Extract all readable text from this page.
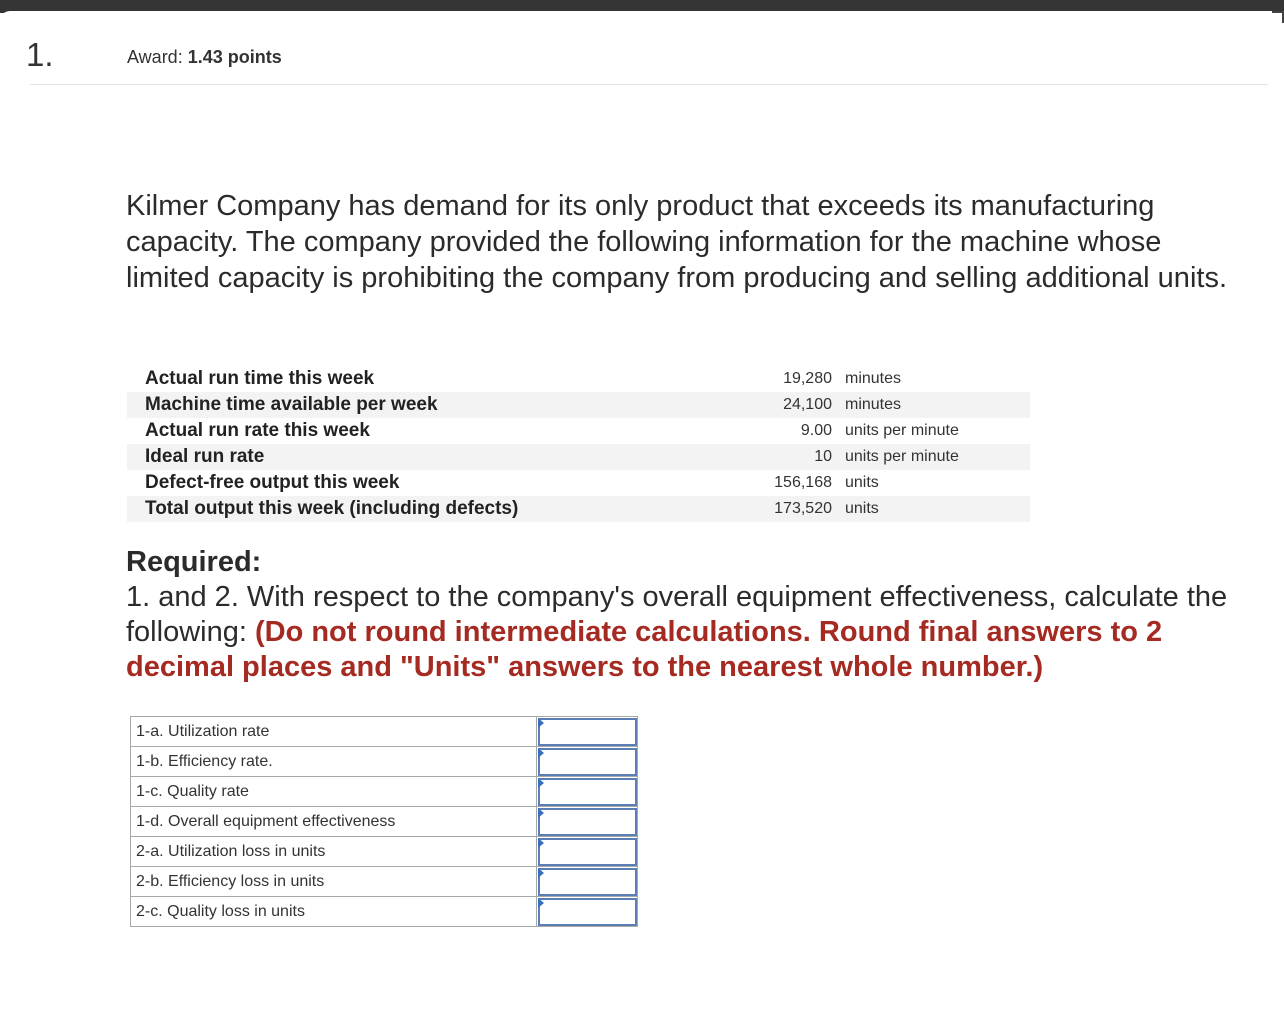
1.	Award: 1.43 points
Kilmer Company has demand for its only product that exceeds its manufacturing capacity. The company provided the following information for the machine whose limited capacity is prohibiting the company from producing and selling additional units.
Actual run time this week	19,280	minutes
Machine time available per week	24,100	minutes
Actual run rate this week	9.00	units per minute
Ideal run rate	10	units per minute
Defect-free output this week	156,168	units
Total output this week (including defects)	173,520	units
Required:
1. and 2. With respect to the company's overall equipment effectiveness, calculate the following: (Do not round intermediate calculations. Round final answers to 2 decimal places and "Units" answers to the nearest whole number.)
1-a. Utilization rate	

1-b. Efficiency rate.	

1-c. Quality rate	

1-d. Overall equipment effectiveness	

2-a. Utilization loss in units	

2-b. Efficiency loss in units	

2-c. Quality loss in units	
